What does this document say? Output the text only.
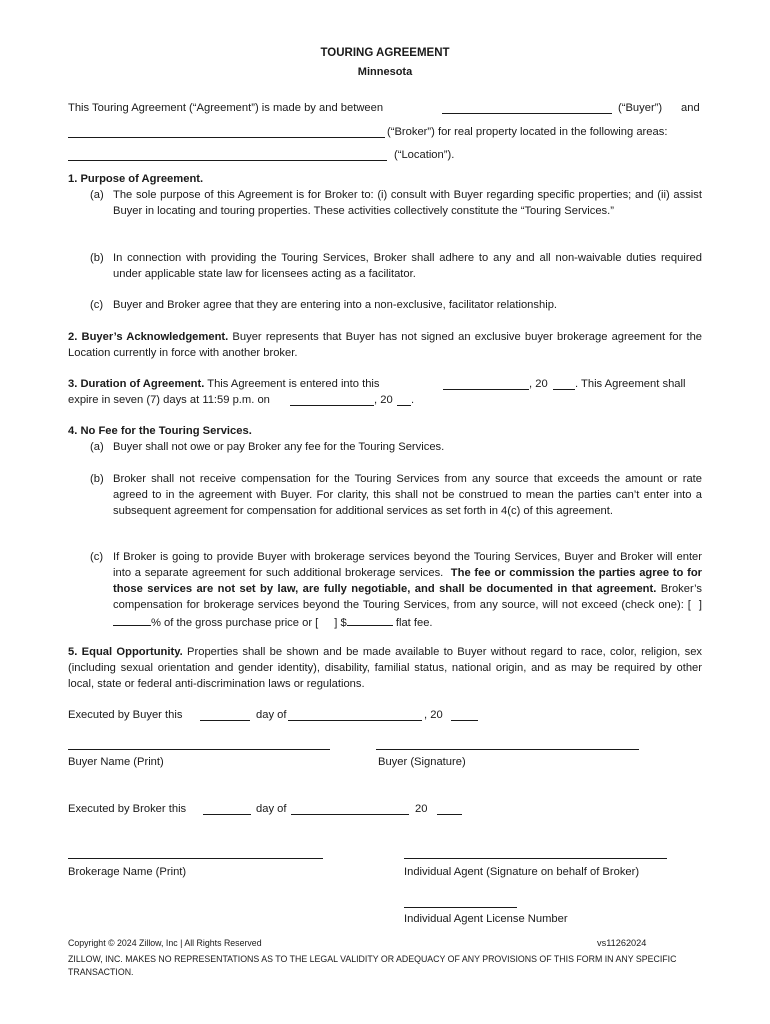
TOURING AGREEMENT
Minnesota
This Touring Agreement (“Agreement”) is made by and between	(“Buyer”) and
(“Broker”) for real property located in the following areas:
(“Location”).
1. Purpose of Agreement.
(a) The sole purpose of this Agreement is for Broker to: (i) consult with Buyer regarding specific properties; and (ii) assist Buyer in locating and touring properties. These activities collectively constitute the “Touring Services.”
(b) In connection with providing the Touring Services, Broker shall adhere to any and all non-waivable duties required under applicable state law for licensees acting as a facilitator.
(c) Buyer and Broker agree that they are entering into a non-exclusive, facilitator relationship.
2. Buyer’s Acknowledgement. Buyer represents that Buyer has not signed an exclusive buyer brokerage agreement for the Location currently in force with another broker.
3. Duration of Agreement. This Agreement is entered into this	, 20 . This Agreement shall
expire in seven (7) days at 11:59 p.m. on	, 20 .
4. No Fee for the Touring Services.
(a) Buyer shall not owe or pay Broker any fee for the Touring Services.
(b) Broker shall not receive compensation for the Touring Services from any source that exceeds the amount or rate agreed to in the agreement with Buyer. For clarity, this shall not be construed to mean the parties can’t enter into a subsequent agreement for compensation for additional services as set forth in 4(c) of this agreement.
(c) If Broker is going to provide Buyer with brokerage services beyond the Touring Services, Buyer and Broker will enter into a separate agreement for such additional brokerage services. The fee or commission the parties agree to for those services are not set by law, are fully negotiable, and shall be documented in that agreement. Broker’s compensation for brokerage services beyond the Touring Services, from any source, will not exceed (check one): [ ] % of the gross purchase price or [ ] $	flat fee.
5. Equal Opportunity. Properties shall be shown and be made available to Buyer without regard to race, color, religion, sex (including sexual orientation and gender identity), disability, familial status, national origin, and as may be required by other local, state or federal anti-discrimination laws or regulations.
Executed by Buyer this	day of	, 20
Buyer Name (Print)	Buyer (Signature)
Executed by Broker this	day of	20
Brokerage Name (Print)	Individual Agent (Signature on behalf of Broker)
Individual Agent License Number
Copyright © 2024 Zillow, Inc | All Rights Reserved	vs11262024
ZILLOW, INC. MAKES NO REPRESENTATIONS AS TO THE LEGAL VALIDITY OR ADEQUACY OF ANY PROVISIONS OF THIS FORM IN ANY SPECIFIC TRANSACTION.
